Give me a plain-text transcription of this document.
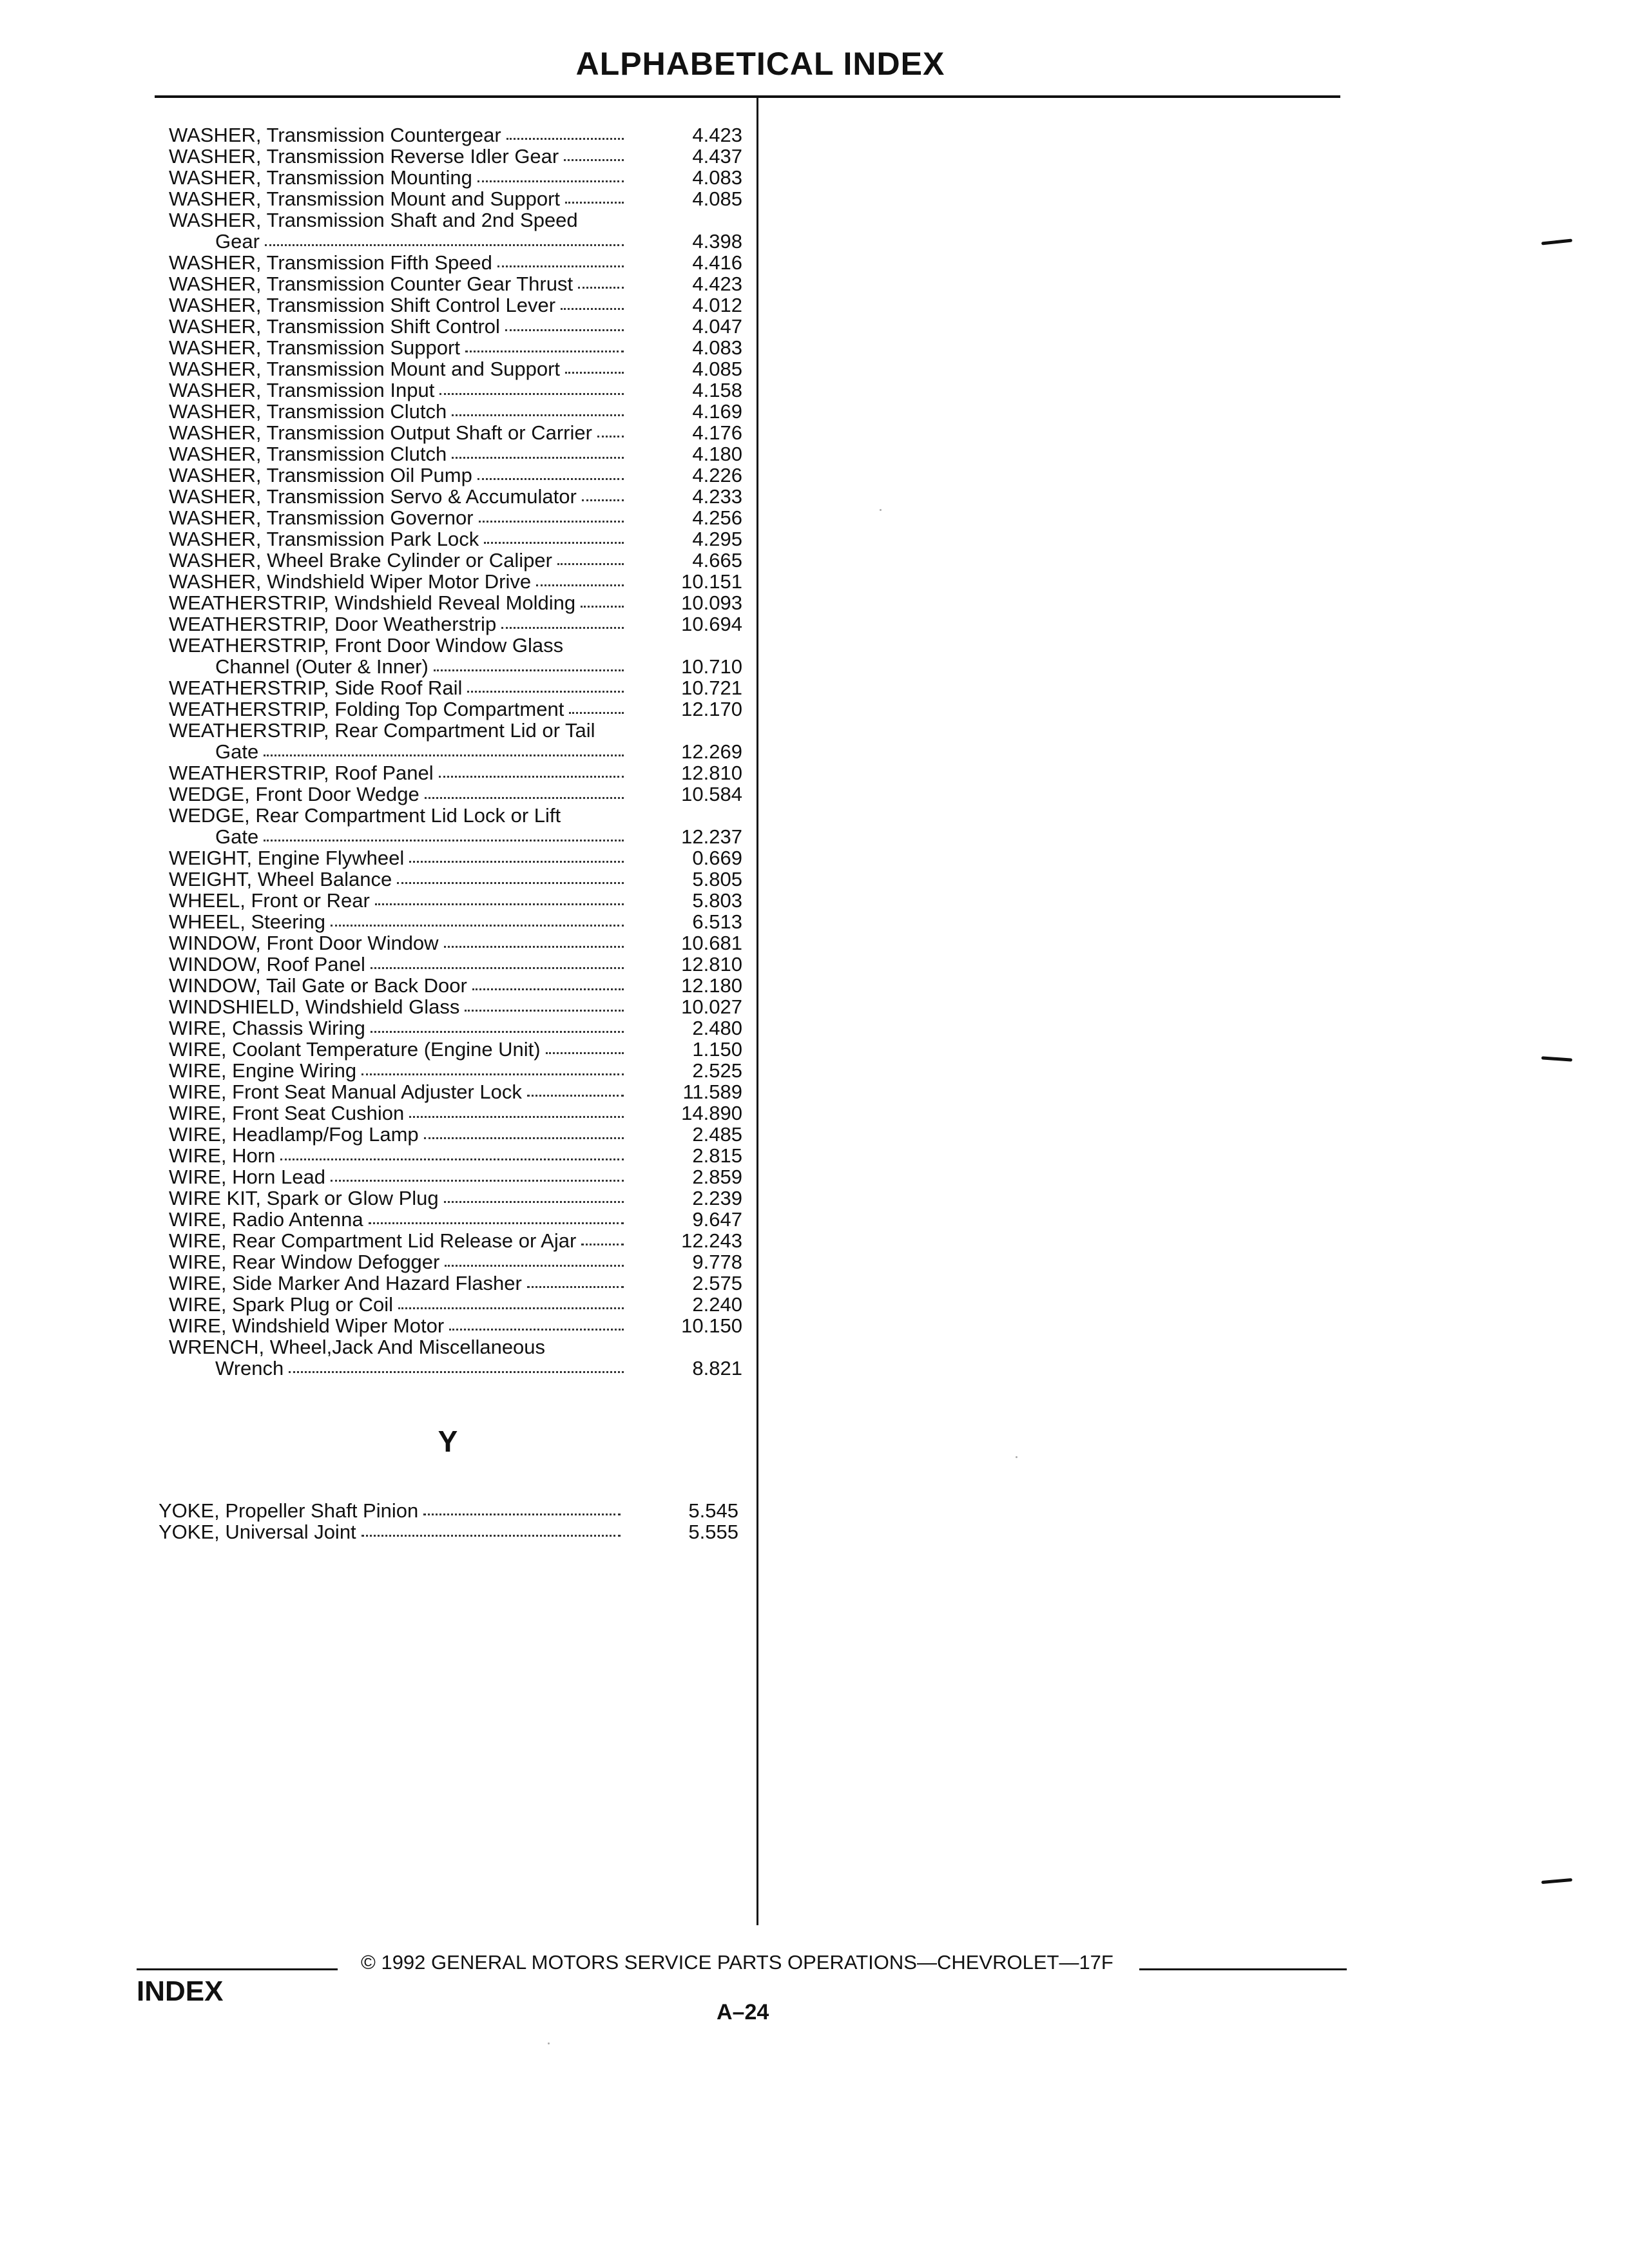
ALPHABETICAL INDEX
WASHER, Transmission Countergear	4.423
WASHER, Transmission Reverse Idler Gear	4.437
WASHER, Transmission Mounting	4.083
WASHER, Transmission Mount and Support	4.085
WASHER, Transmission Shaft and 2nd Speed
Gear	4.398
WASHER, Transmission Fifth Speed	4.416
WASHER, Transmission Counter Gear Thrust	4.423
WASHER, Transmission Shift Control Lever	4.012
WASHER, Transmission Shift Control	4.047
WASHER, Transmission Support	4.083
WASHER, Transmission Mount and Support	4.085
WASHER, Transmission Input	4.158
WASHER, Transmission Clutch	4.169
WASHER, Transmission Output Shaft or Carrier	4.176
WASHER, Transmission Clutch	4.180
WASHER, Transmission Oil Pump	4.226
WASHER, Transmission Servo & Accumulator	4.233
WASHER, Transmission Governor	4.256
WASHER, Transmission Park Lock	4.295
WASHER, Wheel Brake Cylinder or Caliper	4.665
WASHER, Windshield Wiper Motor Drive	10.151
WEATHERSTRIP, Windshield Reveal Molding	10.093
WEATHERSTRIP, Door Weatherstrip	10.694
WEATHERSTRIP, Front Door Window Glass
Channel (Outer & Inner)	10.710
WEATHERSTRIP, Side Roof Rail	10.721
WEATHERSTRIP, Folding Top Compartment	12.170
WEATHERSTRIP, Rear Compartment Lid or Tail
Gate	12.269
WEATHERSTRIP, Roof Panel	12.810
WEDGE, Front Door Wedge	10.584
WEDGE, Rear Compartment Lid Lock or Lift
Gate	12.237
WEIGHT, Engine Flywheel	0.669
WEIGHT, Wheel Balance	5.805
WHEEL, Front or Rear	5.803
WHEEL, Steering	6.513
WINDOW, Front Door Window	10.681
WINDOW, Roof Panel	12.810
WINDOW, Tail Gate or Back Door	12.180
WINDSHIELD, Windshield Glass	10.027
WIRE, Chassis Wiring	2.480
WIRE, Coolant Temperature (Engine Unit)	1.150
WIRE, Engine Wiring	2.525
WIRE, Front Seat Manual Adjuster Lock	11.589
WIRE, Front Seat Cushion	14.890
WIRE, Headlamp/Fog Lamp	2.485
WIRE, Horn	2.815
WIRE, Horn Lead	2.859
WIRE KIT, Spark or Glow Plug	2.239
WIRE, Radio Antenna	9.647
WIRE, Rear Compartment Lid Release or Ajar	12.243
WIRE, Rear Window Defogger	9.778
WIRE, Side Marker And Hazard Flasher	2.575
WIRE, Spark Plug or Coil	2.240
WIRE, Windshield Wiper Motor	10.150
WRENCH, Wheel,Jack And Miscellaneous
Wrench	8.821
Y
YOKE, Propeller Shaft Pinion	5.545
YOKE, Universal Joint	5.555
© 1992 GENERAL MOTORS SERVICE PARTS OPERATIONS—CHEVROLET—17F
INDEX
A–24
